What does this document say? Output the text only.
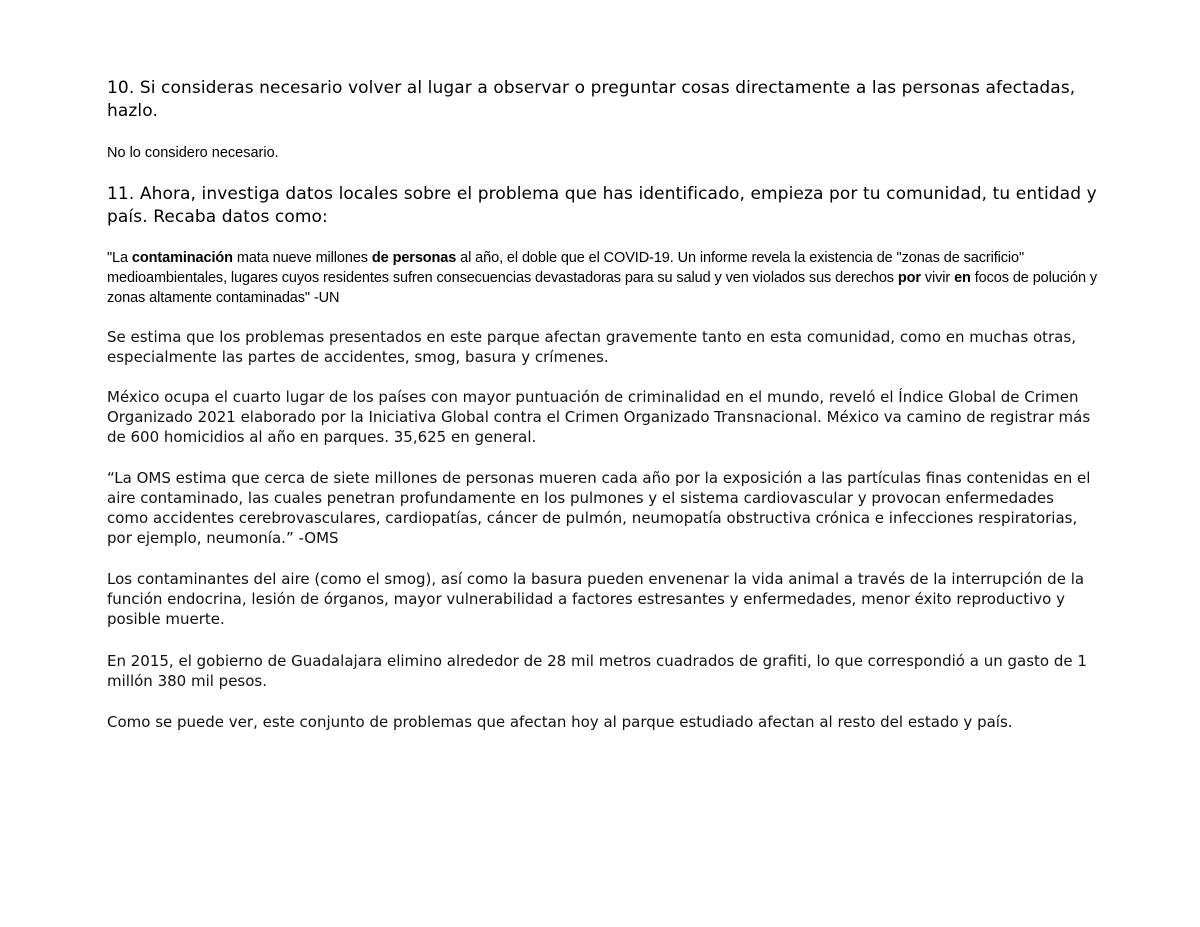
10. Si consideras necesario volver al lugar a observar o preguntar cosas directamente a las personas afectadas, hazlo.

No lo considero necesario.

11. Ahora, investiga datos locales sobre el problema que has identificado, empieza por tu comunidad, tu entidad y país. Recaba datos como:

"La contaminación mata nueve millones de personas al año, el doble que el COVID-19. Un informe revela la existencia de "zonas de sacrificio" medioambientales, lugares cuyos residentes sufren consecuencias devastadoras para su salud y ven violados sus derechos por vivir en focos de polución y zonas altamente contaminadas" -UN

Se estima que los problemas presentados en este parque afectan gravemente tanto en esta comunidad, como en muchas otras, especialmente las partes de accidentes, smog, basura y crímenes.

México ocupa el cuarto lugar de los países con mayor puntuación de criminalidad en el mundo, reveló el Índice Global de Crimen Organizado 2021 elaborado por la Iniciativa Global contra el Crimen Organizado Transnacional. México va camino de registrar más de 600 homicidios al año en parques. 35,625 en general.

“La OMS estima que cerca de siete millones de personas mueren cada año por la exposición a las partículas finas contenidas en el aire contaminado, las cuales penetran profundamente en los pulmones y el sistema cardiovascular y provocan enfermedades como accidentes cerebrovasculares, cardiopatías, cáncer de pulmón, neumopatía obstructiva crónica e infecciones respiratorias, por ejemplo, neumonía.” -OMS

Los contaminantes del aire (como el smog), así como la basura pueden envenenar la vida animal a través de la interrupción de la función endocrina, lesión de órganos, mayor vulnerabilidad a factores estresantes y enfermedades, menor éxito reproductivo y posible muerte.

En 2015, el gobierno de Guadalajara elimino alrededor de 28 mil metros cuadrados de grafiti, lo que correspondió a un gasto de 1 millón 380 mil pesos.

Como se puede ver, este conjunto de problemas que afectan hoy al parque estudiado afectan al resto del estado y país.
